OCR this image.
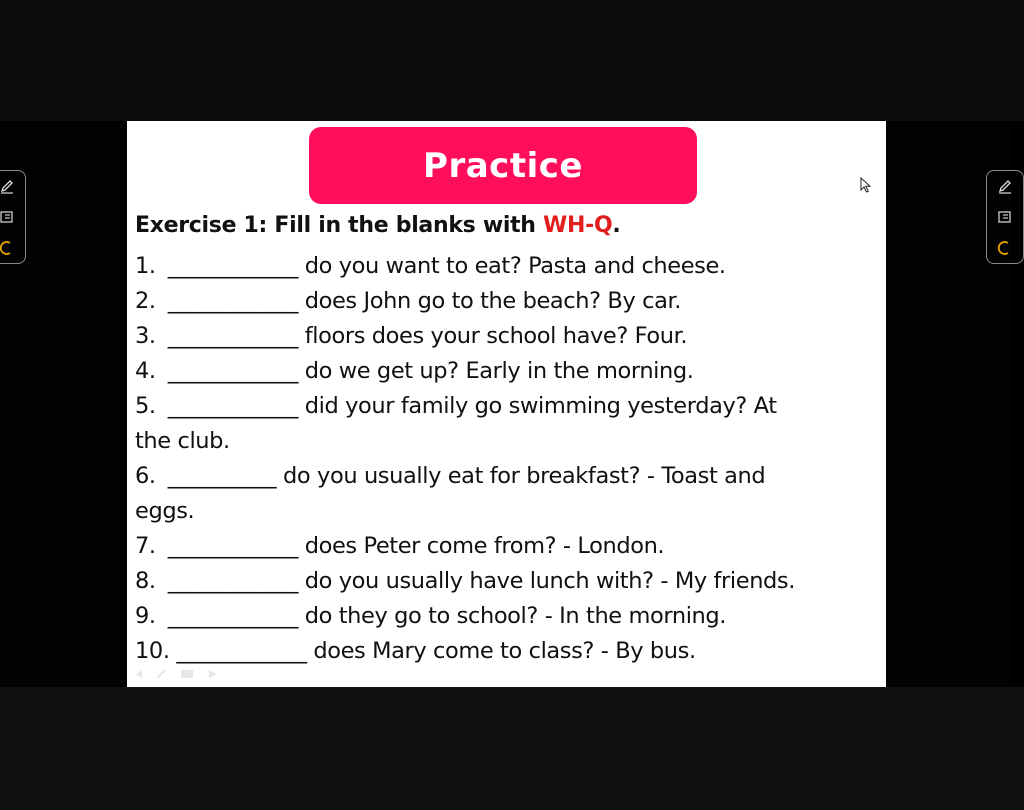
Practice
Exercise 1: Fill in the blanks with WH-Q.
1. ____________ do you want to eat? Pasta and cheese.
2. ____________ does John go to the beach? By car.
3. ____________ floors does your school have? Four.
4. ____________ do we get up? Early in the morning.
5. ____________ did your family go swimming yesterday? At
the club.
6. __________ do you usually eat for breakfast? - Toast and
eggs.
7. ____________ does Peter come from? - London.
8. ____________ do you usually have lunch with? - My friends.
9. ____________ do they go to school? - In the morning.
10. ____________ does Mary come to class? - By bus.
